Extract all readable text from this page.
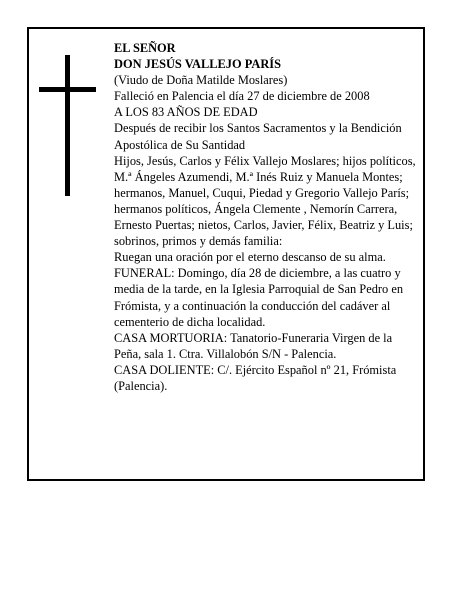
EL SEÑOR

DON JESÚS VALLEJO PARÍS

(Viudo de Doña Matilde Moslares)

Falleció en Palencia el día 27 de diciembre de 2008

A LOS 83 AÑOS DE EDAD

Después de recibir los Santos Sacramentos y la Bendición Apostólica de Su Santidad

Hijos, Jesús, Carlos y Félix Vallejo Moslares; hijos políticos, M.ª Ángeles Azumendi, M.ª Inés Ruiz y Manuela Montes; hermanos, Manuel, Cuqui, Piedad y Gregorio Vallejo París; hermanos políticos, Ángela Clemente , Nemorín Carrera, Ernesto Puertas; nietos, Carlos, Javier, Félix, Beatriz y Luis; sobrinos, primos y demás familia:

Ruegan una oración por el eterno descanso de su alma.

FUNERAL: Domingo, día 28 de diciembre, a las cuatro y media de la tarde, en la Iglesia Parroquial de San Pedro en Frómista, y a continuación la conducción del cadáver al cementerio de dicha localidad.

CASA MORTUORIA: Tanatorio-Funeraria Virgen de la Peña, sala 1. Ctra. Villalobón S/N - Palencia.

CASA DOLIENTE: C/. Ejército Español nº 21, Frómista (Palencia).
